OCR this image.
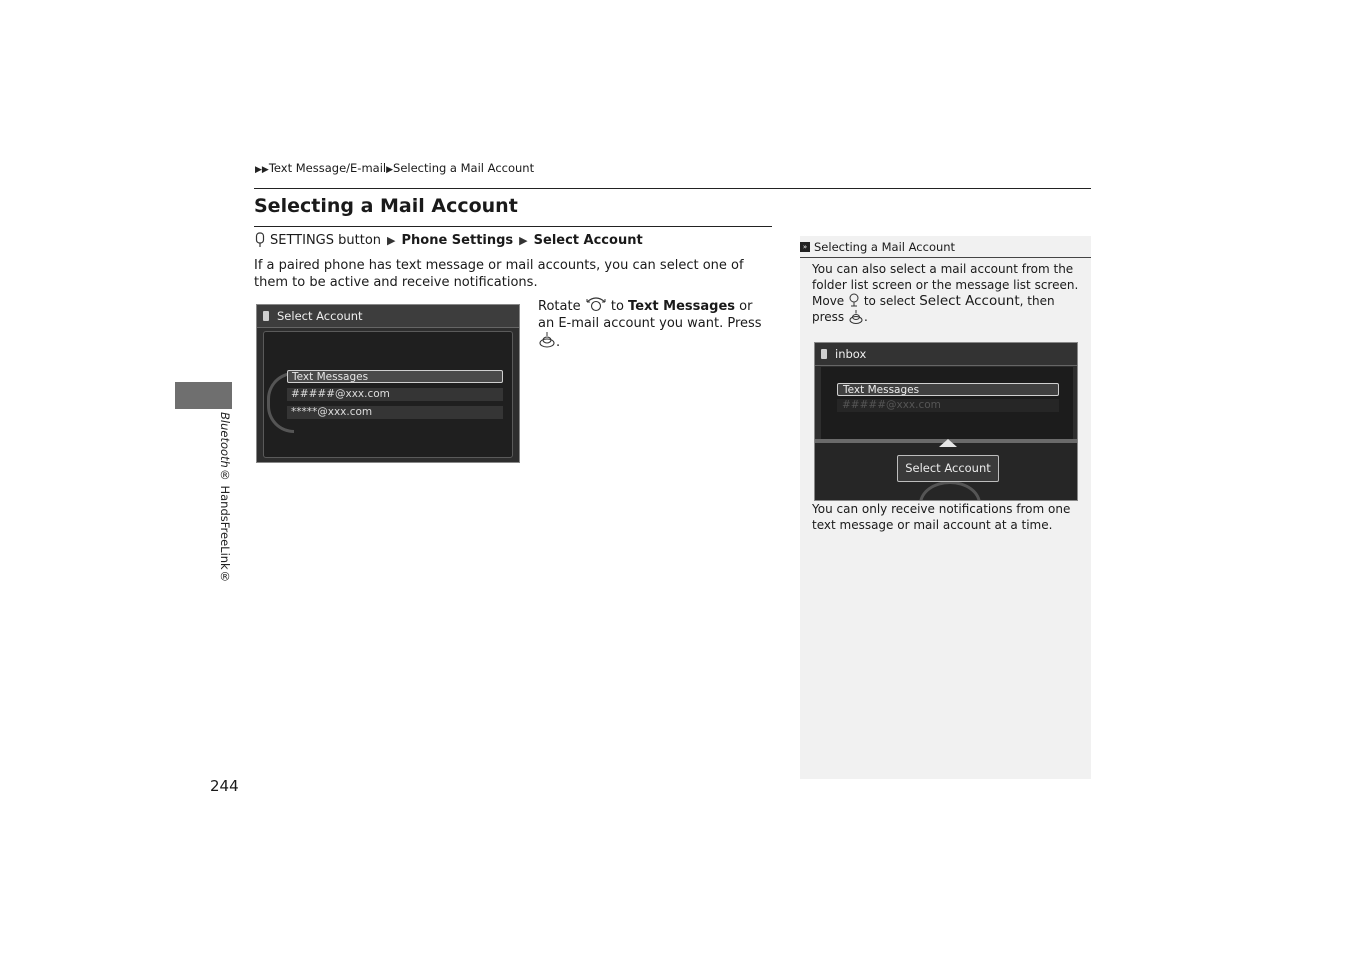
▶▶Text Message/E-mail▶Selecting a Mail Account
Selecting a Mail Account
SETTINGS button ▶ Phone Settings ▶ Select Account
If a paired phone has text message or mail accounts, you can select one of them to be active and receive notifications.
Select Account
Text Messages
#####@xxx.com
*****@xxx.com
Rotate to Text Messages or an E-mail account you want. Press .
Bluetooth® HandsFreeLink®
244
» Selecting a Mail Account
You can also select a mail account from the folder list screen or the message list screen. Move to select Select Account, then press .
inbox
Text Messages
#####@xxx.com
Select Account
You can only receive notifications from one text message or mail account at a time.
